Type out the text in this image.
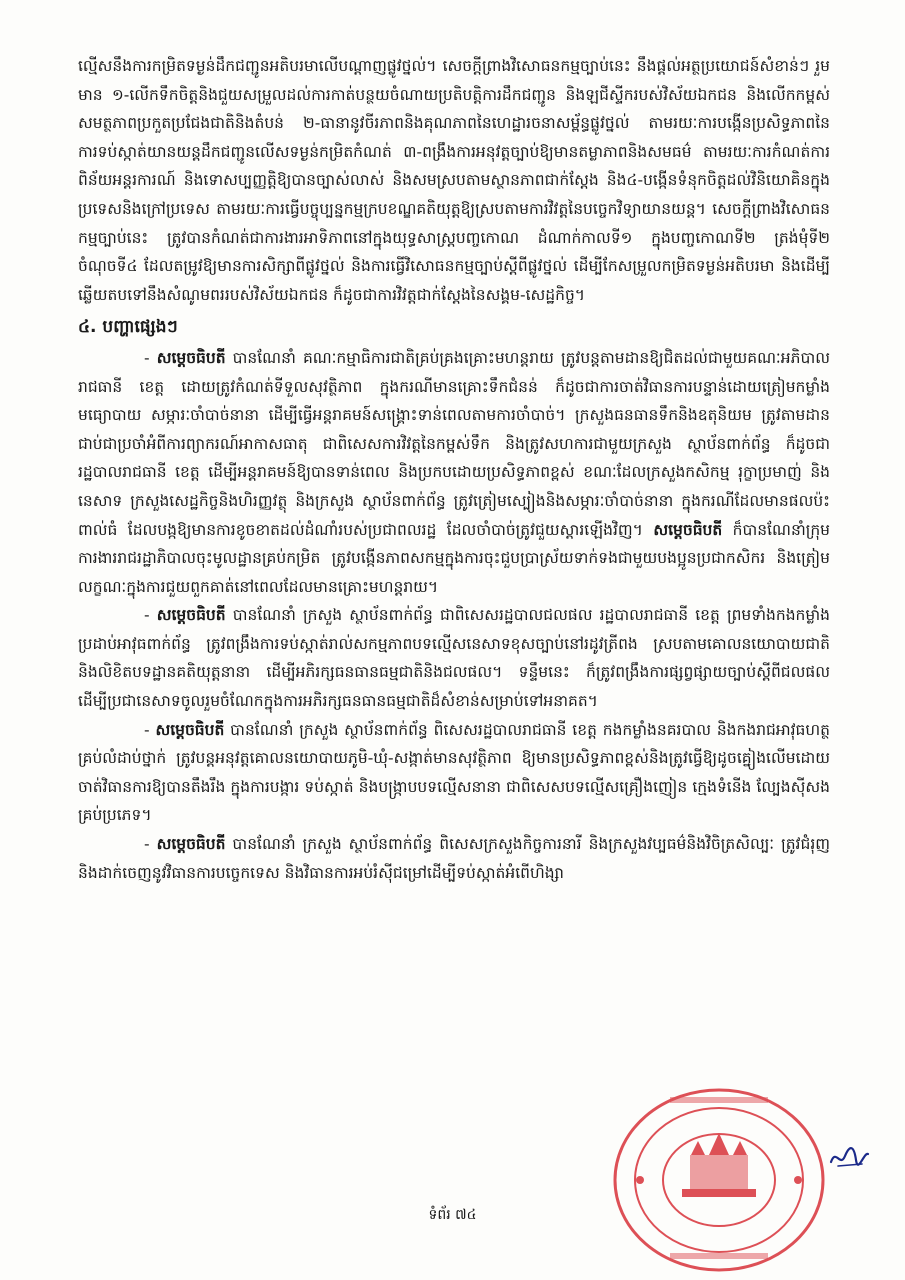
ល្មើសនឹងការកម្រិតទម្ងន់ដឹកជញ្ជូនអតិបរមាលើបណ្ដាញផ្លូវថ្នល់។ សេចក្ដីព្រាងវិសោធនកម្មច្បាប់នេះ នឹងផ្ដល់អត្ថប្រយោជន៍សំខាន់ៗ រួមមាន ១-លើកទឹកចិត្តនិងជួយសម្រួលដល់ការកាត់បន្ថយចំណាយប្រតិបត្តិការដឹកជញ្ជូន និងឡជីស្ទីករបស់វិស័យឯកជន និងលើកកម្ពស់សមត្ថភាពប្រកួតប្រជែងជាតិនិងតំបន់ ២-ធានានូវចីរភាពនិងគុណភាពនៃហេដ្ឋារចនាសម្ព័ន្ធផ្លូវថ្នល់ តាមរយៈការបង្កើនប្រសិទ្ធភាពនៃការទប់ស្កាត់យានយន្តដឹកជញ្ជូនលើសទម្ងន់កម្រិតកំណត់ ៣-ពង្រឹងការអនុវត្តច្បាប់ឱ្យមានតម្លាភាពនិងសមធម៌ តាមរយៈការកំណត់ការពិន័យអន្តរការណ៍ និងទោសប្បញ្ញត្តិឱ្យបានច្បាស់លាស់ និងសមស្របតាមស្ថានភាពជាក់ស្ដែង និង៤-បង្កើនទំនុកចិត្តដល់វិនិយោគិនក្នុងប្រទេសនិងក្រៅប្រទេស តាមរយៈការធ្វើបច្ចុប្បន្នកម្មក្របខណ្ឌគតិយុត្តឱ្យស្របតាមការវិវត្តនៃបច្ចេកវិទ្យាយានយន្ត។ សេចក្ដីព្រាងវិសោធនកម្មច្បាប់នេះ ត្រូវបានកំណត់ជាការងារអាទិភាពនៅក្នុងយុទ្ធសាស្ត្របញ្ចកោណ ដំណាក់កាលទី១ ក្នុងបញ្ចកោណទី២ ត្រង់មុំទី២ ចំណុចទី៤ ដែលតម្រូវឱ្យមានការសិក្សាពីផ្លូវថ្នល់ និងការធ្វើវិសោធនកម្មច្បាប់ស្ដីពីផ្លូវថ្នល់ ដើម្បីកែសម្រួលកម្រិតទម្ងន់អតិបរមា និងដើម្បីឆ្លើយតបទៅនឹងសំណូមពររបស់វិស័យឯកជន ក៏ដូចជាការវិវត្តជាក់ស្ដែងនៃសង្គម-សេដ្ឋកិច្ច។

៤. បញ្ហាផ្សេងៗ

- សម្ដេចធិបតី បានណែនាំ គណៈកម្មាធិការជាតិគ្រប់គ្រងគ្រោះមហន្តរាយ ត្រូវបន្តតាមដានឱ្យជិតដល់ជាមួយគណៈអភិបាលរាជធានី ខេត្ត ដោយត្រូវកំណត់ទីទួលសុវត្ថិភាព ក្នុងករណីមានគ្រោះទឹកជំនន់ ក៏ដូចជាការចាត់វិធានការបន្ទាន់ដោយត្រៀមកម្លាំង មធ្យោបាយ សម្ភារៈចាំបាច់នានា ដើម្បីធ្វើអន្តរាគមន៍សង្គ្រោះទាន់ពេលតាមការចាំបាច់។ ក្រសួងធនធានទឹកនិងឧតុនិយម ត្រូវតាមដានជាប់ជាប្រចាំអំពីការព្យាករណ៍អាកាសធាតុ ជាពិសេសការវិវត្តនៃកម្ពស់ទឹក និងត្រូវសហការជាមួយក្រសួង ស្ថាប័នពាក់ព័ន្ធ ក៏ដូចជារដ្ឋបាលរាជធានី ខេត្ត ដើម្បីអន្តរាគមន៍ឱ្យបានទាន់ពេល និងប្រកបដោយប្រសិទ្ធភាពខ្ពស់ ខណៈដែលក្រសួងកសិកម្ម រុក្ខាប្រមាញ់ និងនេសាទ ក្រសួងសេដ្ឋកិច្ចនិងហិរញ្ញវត្ថុ និងក្រសួង ស្ថាប័នពាក់ព័ន្ធ ត្រូវត្រៀមស្បៀងនិងសម្ភារៈចាំបាច់នានា ក្នុងករណីដែលមានផលប៉ះពាល់ធំ ដែលបង្កឱ្យមានការខូចខាតដល់ដំណាំរបស់ប្រជាពលរដ្ឋ ដែលចាំបាច់ត្រូវជួយស្ដារឡើងវិញ។ សម្ដេចធិបតី ក៏បានណែនាំក្រុមការងាររាជរដ្ឋាភិបាលចុះមូលដ្ឋានគ្រប់កម្រិត ត្រូវបង្កើនភាពសកម្មក្នុងការចុះជួបប្រាស្រ័យទាក់ទងជាមួយបងប្អូនប្រជាកសិករ និងត្រៀមលក្ខណៈក្នុងការជួយពួកគាត់នៅពេលដែលមានគ្រោះមហន្តរាយ។

- សម្ដេចធិបតី បានណែនាំ ក្រសួង ស្ថាប័នពាក់ព័ន្ធ ជាពិសេសរដ្ឋបាលជលផល រដ្ឋបាលរាជធានី ខេត្ត ព្រមទាំងកងកម្លាំងប្រដាប់អាវុធពាក់ព័ន្ធ ត្រូវពង្រឹងការទប់ស្កាត់រាល់សកម្មភាពបទល្មើសនេសាទខុសច្បាប់នៅរដូវត្រីពង ស្របតាមគោលនយោបាយជាតិ និងលិខិតបទដ្ឋានគតិយុត្តនានា ដើម្បីអភិរក្សធនធានធម្មជាតិនិងជលផល។ ទន្ទឹមនេះ ក៏ត្រូវពង្រឹងការផ្សព្វផ្សាយច្បាប់ស្ដីពីជលផល ដើម្បីប្រជានេសាទចូលរួមចំណែកក្នុងការអភិរក្សធនធានធម្មជាតិដ៏សំខាន់សម្រាប់ទៅអនាគត។

- សម្ដេចធិបតី បានណែនាំ ក្រសួង ស្ថាប័នពាក់ព័ន្ធ ពិសេសរដ្ឋបាលរាជធានី ខេត្ត កងកម្លាំងនគរបាល និងកងរាជអាវុធហត្ថគ្រប់លំដាប់ថ្នាក់ ត្រូវបន្តអនុវត្តគោលនយោបាយភូមិ-ឃុំ-សង្កាត់មានសុវត្ថិភាព ឱ្យមានប្រសិទ្ធភាពខ្ពស់និងត្រូវធ្វើឱ្យដូចគ្នៀងលើមដោយចាត់វិធានការឱ្យបានតឹងរឹង ក្នុងការបង្ការ ទប់ស្កាត់ និងបង្ក្រាបបទល្មើសនានា ជាពិសេសបទល្មើសគ្រឿងញៀន ក្មេងទំនើង ល្បែងស៊ីសងគ្រប់ប្រភេទ។

- សម្ដេចធិបតី បានណែនាំ ក្រសួង ស្ថាប័នពាក់ព័ន្ធ ពិសេសក្រសួងកិច្ចការនារី និងក្រសួងវប្បធម៌និងវិចិត្រសិល្បៈ ត្រូវជំរុញនិងដាក់ចេញនូវវិធានការបច្ចេកទេស និងវិធានការអប់រំស៊ីជម្រៅដើម្បីទប់ស្កាត់អំពើហិង្សា

ទំព័រ ៧៤
